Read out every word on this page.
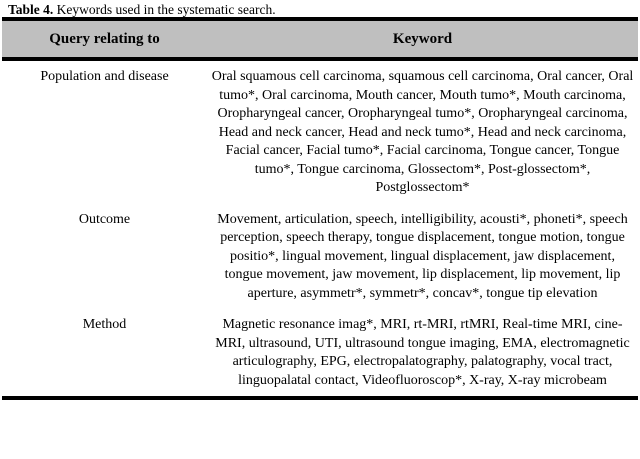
Table 4. Keywords used in the systematic search.
Query relating to	Keyword
Population and disease	Oral squamous cell carcinoma, squamous cell carcinoma, Oral cancer, Oral tumo*, Oral carcinoma, Mouth cancer, Mouth tumo*, Mouth carcinoma, Oropharyngeal cancer, Oropharyngeal tumo*, Oropharyngeal carcinoma, Head and neck cancer, Head and neck tumo*, Head and neck carcinoma, Facial cancer, Facial tumo*, Facial carcinoma, Tongue cancer, Tongue tumo*, Tongue carcinoma, Glossectom*, Post-glossectom*, Postglossectom*
Outcome	Movement, articulation, speech, intelligibility, acousti*, phoneti*, speech perception, speech therapy, tongue displacement, tongue motion, tongue positio*, lingual movement, lingual displacement, jaw displacement, tongue movement, jaw movement, lip displacement, lip movement, lip aperture, asymmetr*, symmetr*, concav*, tongue tip elevation
Method	Magnetic resonance imag*, MRI, rt-MRI, rtMRI, Real-time MRI, cine-MRI, ultrasound, UTI, ultrasound tongue imaging, EMA, electromagnetic articulography, EPG, electropalatography, palatography, vocal tract, linguopalatal contact, Videofluoroscop*, X-ray, X-ray microbeam
